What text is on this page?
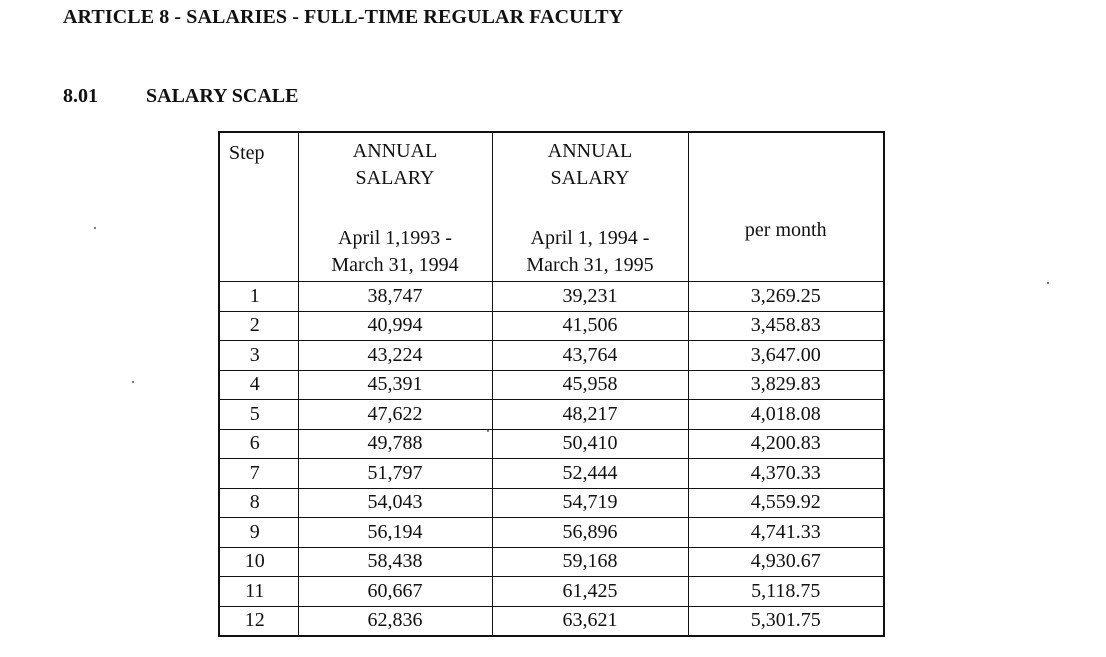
ARTICLE 8 - SALARIES - FULL-TIME REGULAR FACULTY
8.01 SALARY SCALE
Step	ANNUAL
SALARY
April 1,1993 -
March 31, 1994	ANNUAL
SALARY
April 1, 1994 -
March 31, 1995	per month

1	38,747	39,231	3,269.25
2	40,994	41,506	3,458.83
3	43,224	43,764	3,647.00
4	45,391	45,958	3,829.83
5	47,622	48,217	4,018.08
6	49,788	50,410	4,200.83
7	51,797	52,444	4,370.33
8	54,043	54,719	4,559.92
9	56,194	56,896	4,741.33
10	58,438	59,168	4,930.67
11	60,667	61,425	5,118.75
12	62,836	63,621	5,301.75
